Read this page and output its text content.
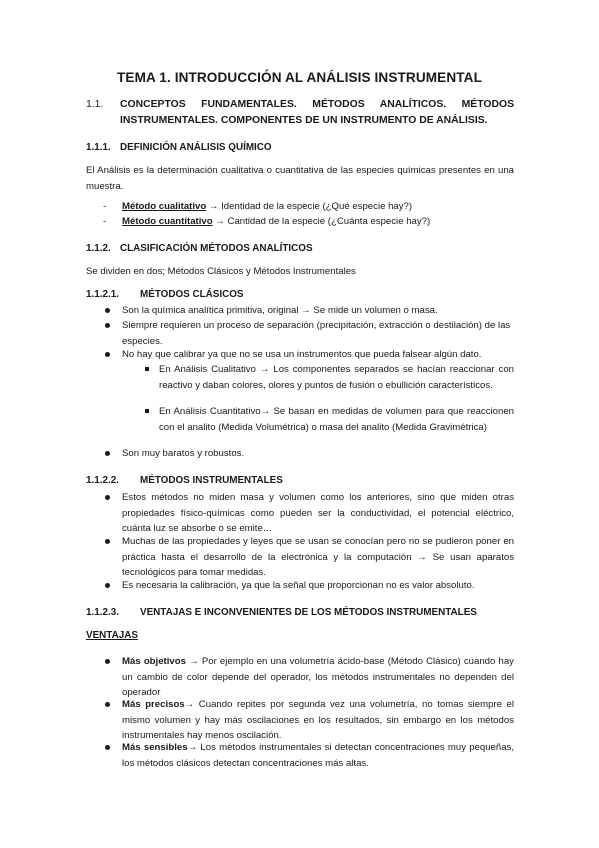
TEMA 1. INTRODUCCIÓN AL ANÁLISIS INSTRUMENTAL
1.1. CONCEPTOS FUNDAMENTALES. MÉTODOS ANALÍTICOS. MÉTODOS
INSTRUMENTALES. COMPONENTES DE UN INSTRUMENTO DE ANÁLISIS.
1.1.1. DEFINICIÓN ANÁLISIS QUÍMICO
El Análisis es la determinación cualitativa o cuantitativa de las especies químicas presentes en una muestra.
- Método cualitativo → Identidad de la especie (¿Qué especie hay?)
- Método cuantitativo → Cantidad de la especie (¿Cuánta especie hay?)
1.1.2. CLASIFICACIÓN MÉTODOS ANALÍTICOS
Se dividen en dos; Métodos Clásicos y Métodos Instrumentales
1.1.2.1. MÉTODOS CLÁSICOS
Son la química analítica primitiva, original → Se mide un volumen o masa.
Siempre requieren un proceso de separación (precipitación, extracción o destilación) de las especies.
No hay que calibrar ya que no se usa un instrumentos que pueda falsear algún dato.
En Análisis Cualitativo → Los componentes separados se hacían reaccionar con reactivo y daban colores, olores y puntos de fusión o ebullición característicos.
En Análisis Cuantitativo→ Se basan en medidas de volumen para que reaccionen con el analito (Medida Volumétrica) o masa del analito (Medida Gravimétrica)
Son muy baratos y robustos.
1.1.2.2. MÉTODOS INSTRUMENTALES
Estos métodos no miden masa y volumen como los anteriores, sino que miden otras propiedades físico-químicas como pueden ser la conductividad, el potencial eléctrico, cuánta luz se absorbe o se emite…
Muchas de las propiedades y leyes que se usan se conocían pero no se pudieron poner en práctica hasta el desarrollo de la electrónica y la computación → Se usan aparatos tecnológicos para tomar medidas.
Es necesaria la calibración, ya que la señal que proporcionan no es valor absoluto.
1.1.2.3. VENTAJAS E INCONVENIENTES DE LOS MÉTODOS INSTRUMENTALES
VENTAJAS
Más objetivos → Por ejemplo en una volumetría ácido-base (Método Clásico) cuando hay un cambio de color depende del operador, los métodos instrumentales no dependen del operador
Más precisos→ Cuando repites por segunda vez una volumetría, no tomas siempre el mismo volumen y hay más oscilaciones en los resultados, sin embargo en los métodos instrumentales hay menos oscilación.
Más sensibles→ Los métodos instrumentales si detectan concentraciones muy pequeñas, los métodos clásicos detectan concentraciones más altas.
